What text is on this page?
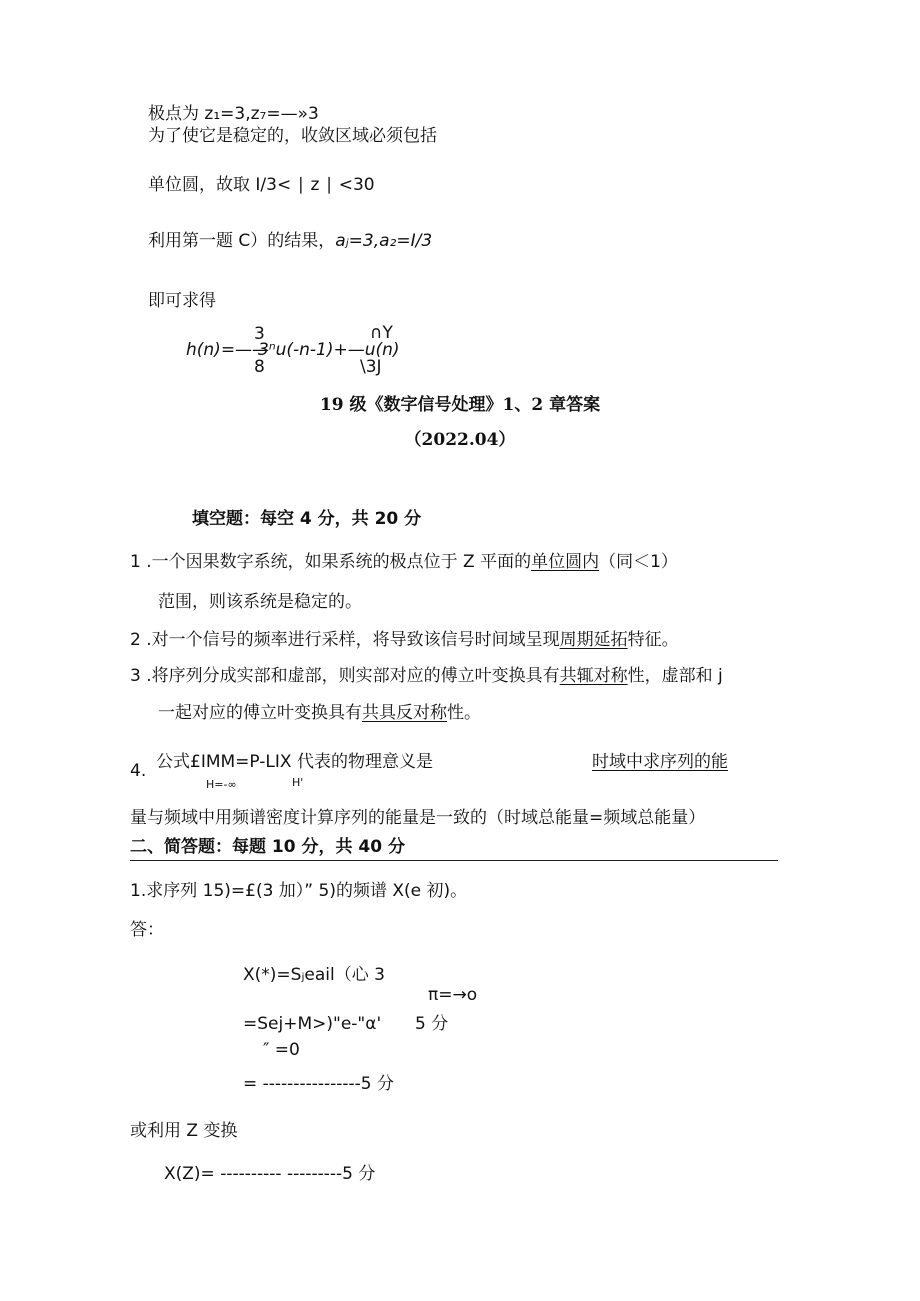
极点为 z₁=3,z₇=—»3
为了使它是稳定的，收敛区域必须包括
单位圆，故取 I/3< ∣ z ∣ <30
利用第一题 C）的结果，aⱼ=3,a₂=I/3
即可求得
3
h(n)=——
3ⁿu(-n-1)+—u(n)
8
∩Y
\3J
19 级《数字信号处理》1、2 章答案
（2022.04）
填空题：每空 4 分，共 20 分
1 .一个因果数字系统，如果系统的极点位于 Z 平面的单位圆内（同＜1）
范围，则该系统是稳定的。
2 .对一个信号的频率进行采样，将导致该信号时间域呈现周期延拓特征。
3 .将序列分成实部和虚部，则实部对应的傅立叶变换具有共辄对称性，虚部和 j
一起对应的傅立叶变换具有共具反对称性。
4. 公式£IMM=P-LIX 代表的物理意义是
H=-∞	H'
时域中求序列的能
量与频域中用频谱密度计算序列的能量是一致的（时域总能量=频域总能量）
二、简答题：每题 10 分，共 40 分
1.求序列 15)=£(3 加）” 5)的频谱 X(e 初)。
答：
X(*)=Sⱼeail（心 3
π=→o
=Sej+M>)"e-"α' 5 分
″ =0
= ----------------5 分
或利用 Z 变换
X(Z)= ---------- ---------5 分
